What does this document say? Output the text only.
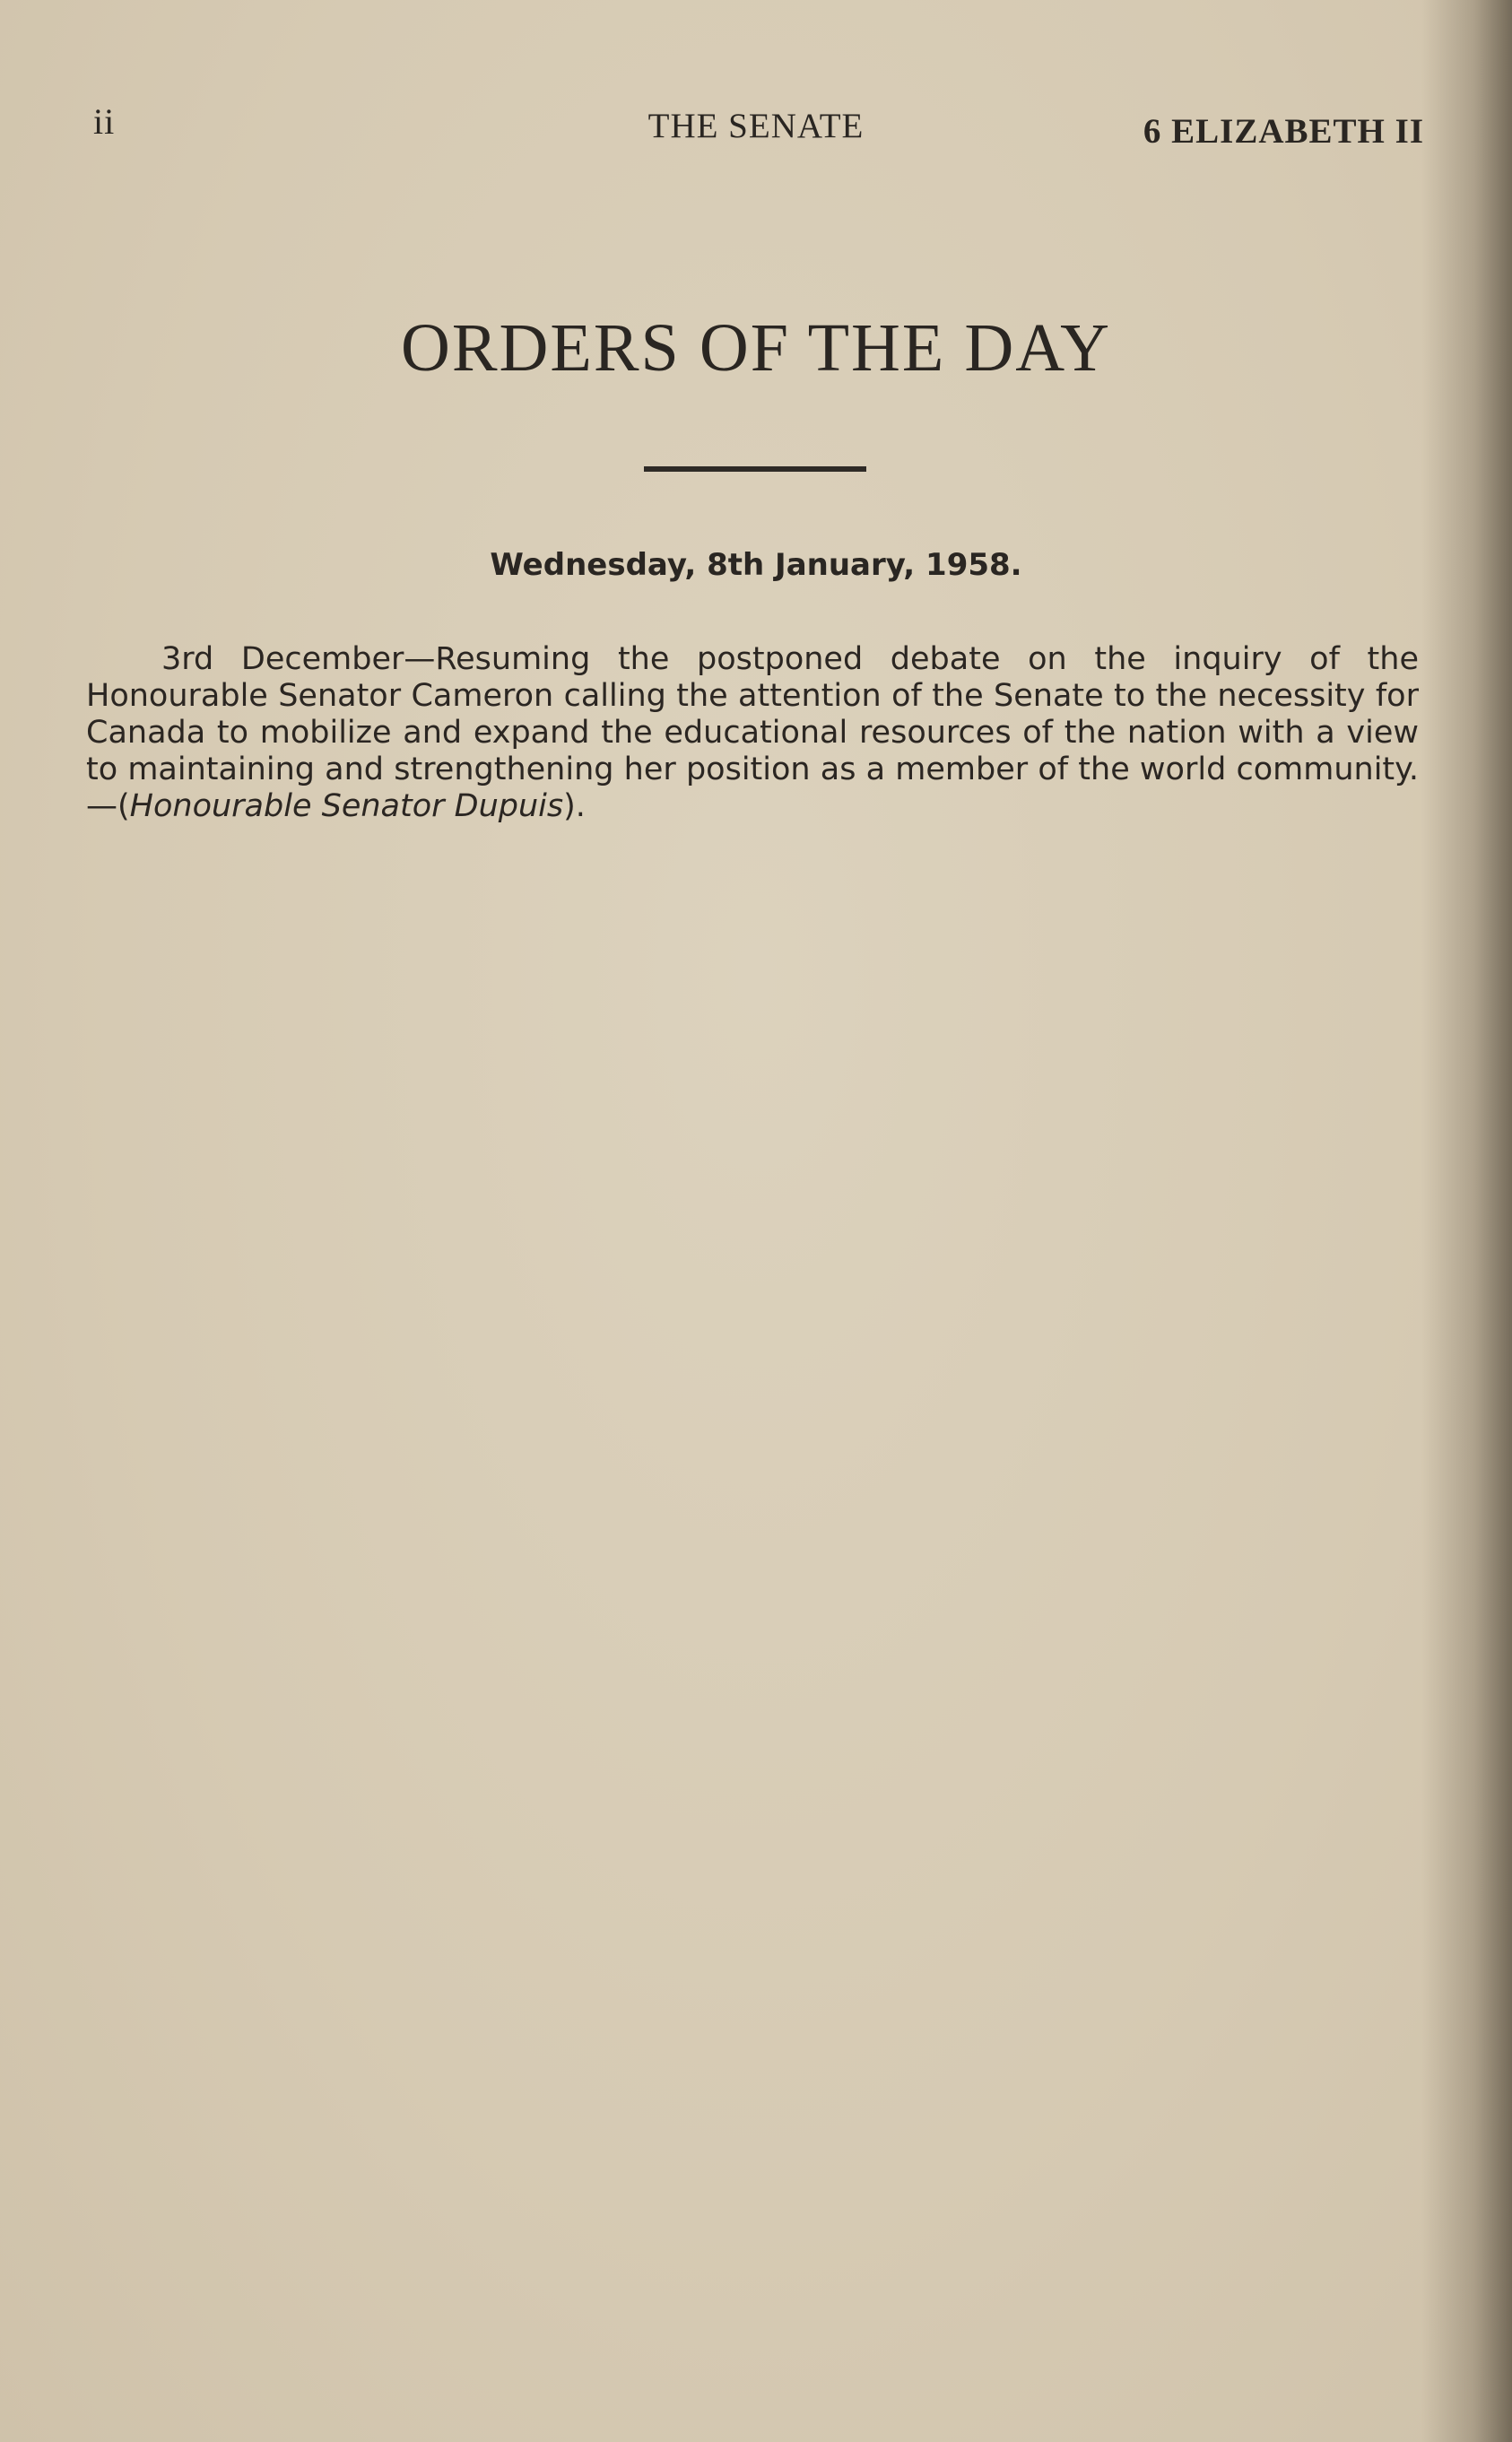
ii	THE SENATE	6 ELIZABETH II
ORDERS OF THE DAY
Wednesday, 8th January, 1958.

3rd December—Resuming the postponed debate on the inquiry of the Honourable Senator Cameron calling the attention of the Senate to the necessity for Canada to mobilize and expand the educational resources of the nation with a view to maintaining and strengthening her position as a member of the world community.—(Honourable Senator Dupuis).
